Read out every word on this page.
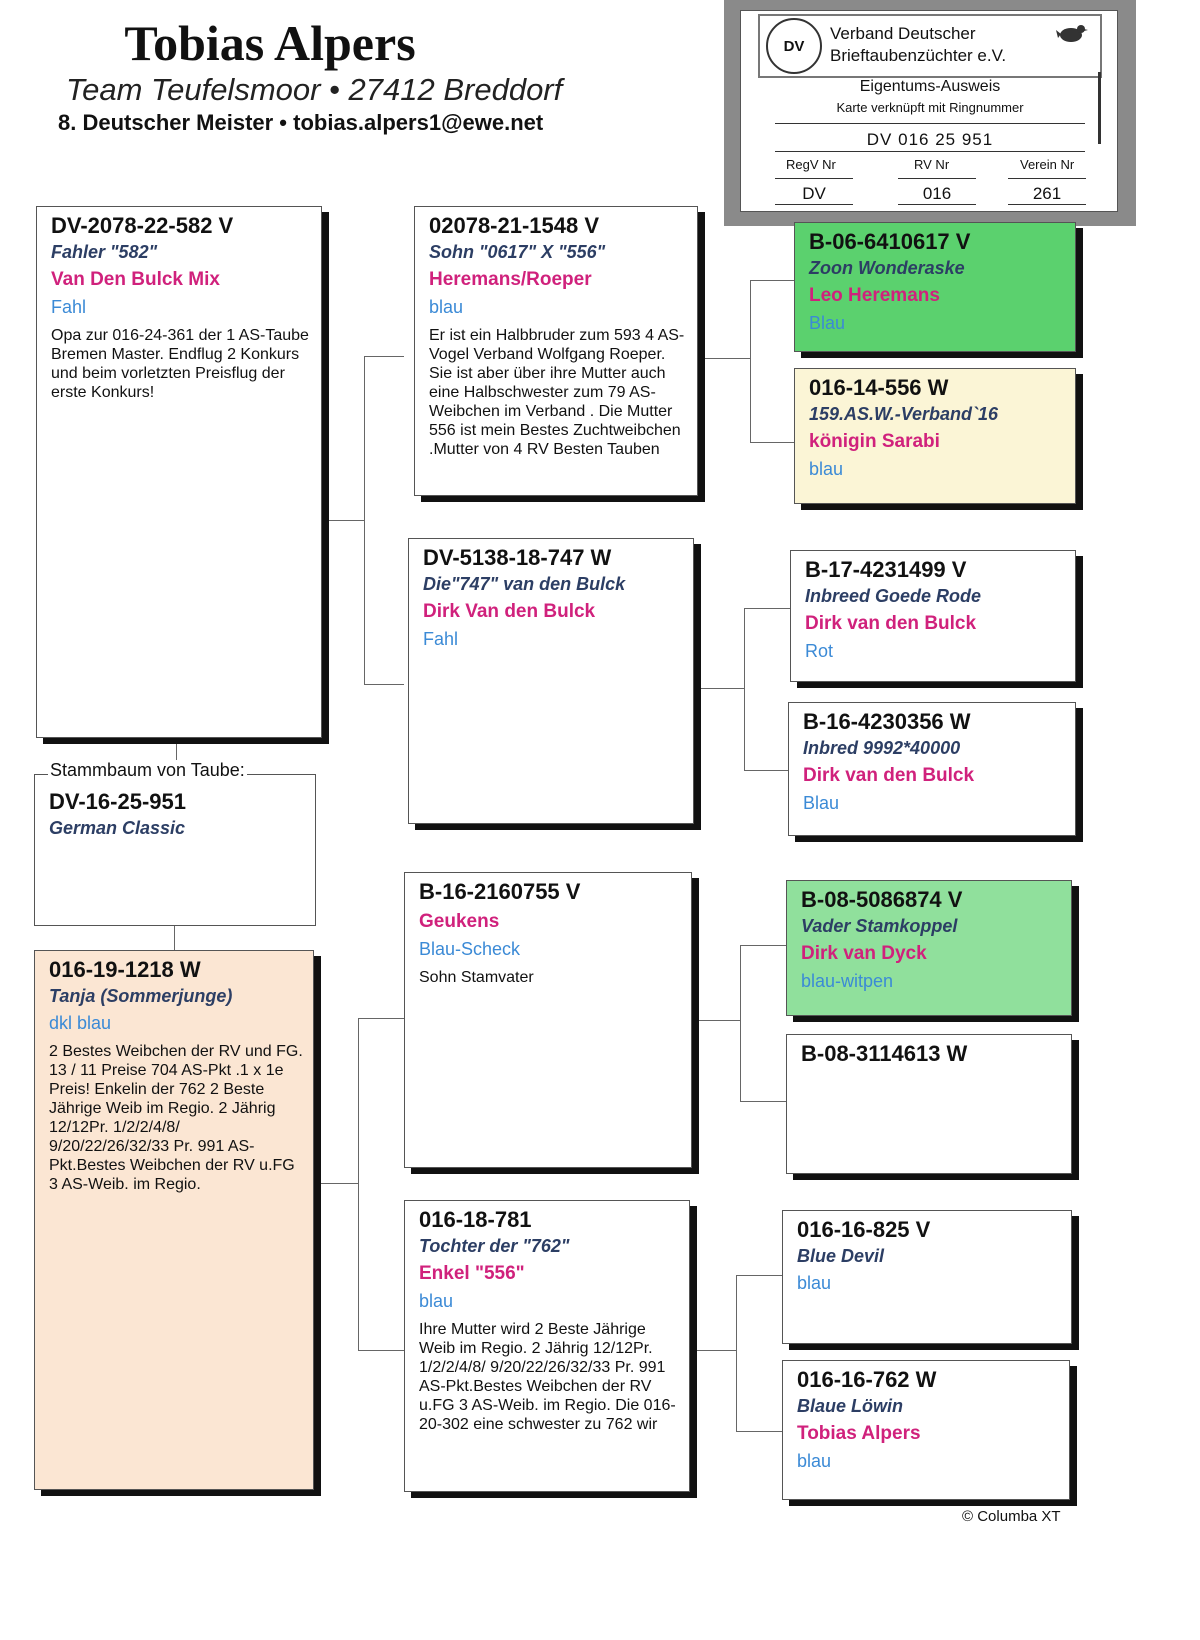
Tobias Alpers
Team Teufelsmoor • 27412 Breddorf
8. Deutscher Meister • tobias.alpers1@ewe.net
DV
Verband Deutscher
Brieftaubenzüchter e.V.
Eigentums-Ausweis
Karte verknüpft mit Ringnummer
DV 016 25 951
RegV Nr	RV Nr	Verein Nr
DV	016	261
DV-16-25-951
German Classic
Stammbaum von Taube:
DV-2078-22-582 V
Fahler "582"
Van Den Bulck Mix
Fahl
Opa zur 016-24-361 der 1 AS-Taube Bremen Master. Endflug 2 Konkurs und beim vorletzten Preisflug der erste Konkurs!
016-19-1218 W
Tanja (Sommerjunge)
dkl blau
2 Bestes Weibchen der RV und FG. 13 / 11 Preise 704 AS-Pkt .1 x 1e Preis! Enkelin der 762 2 Beste Jährige Weib im Regio. 2 Jährig 12/12Pr. 1/2/2/4/8/ 9/20/22/26/32/33 Pr. 991 AS-Pkt.Bestes Weibchen der RV u.FG 3 AS-Weib. im Regio.
02078-21-1548 V
Sohn "0617" X "556"
Heremans/Roeper
blau
Er ist ein Halbbruder zum 593 4 AS-Vogel Verband Wolfgang Roeper. Sie ist aber über ihre Mutter auch eine Halbschwester zum 79 AS-Weibchen im Verband . Die Mutter 556 ist mein Bestes Zuchtweibchen .Mutter von 4 RV Besten Tauben
DV-5138-18-747 W
Die"747" van den Bulck
Dirk Van den Bulck
Fahl
B-16-2160755 V
Geukens
Blau-Scheck
Sohn Stamvater
016-18-781
Tochter der "762"
Enkel "556"
blau
Ihre Mutter wird 2 Beste Jährige Weib im Regio. 2 Jährig 12/12Pr. 1/2/2/4/8/ 9/20/22/26/32/33 Pr. 991 AS-Pkt.Bestes Weibchen der RV u.FG 3 AS-Weib. im Regio. Die 016-20-302 eine schwester zu 762 wir
B-06-6410617 V
Zoon Wonderaske
Leo Heremans
Blau
016-14-556 W
159.AS.W.-Verband`16
königin Sarabi
blau
B-17-4231499 V
Inbreed Goede Rode
Dirk van den Bulck
Rot
B-16-4230356 W
Inbred 9992*40000
Dirk van den Bulck
Blau
B-08-5086874 V
Vader Stamkoppel
Dirk van Dyck
blau-witpen
B-08-3114613 W
016-16-825 V
Blue Devil
blau
016-16-762 W
Blaue Löwin
Tobias Alpers
blau
© Columba XT
